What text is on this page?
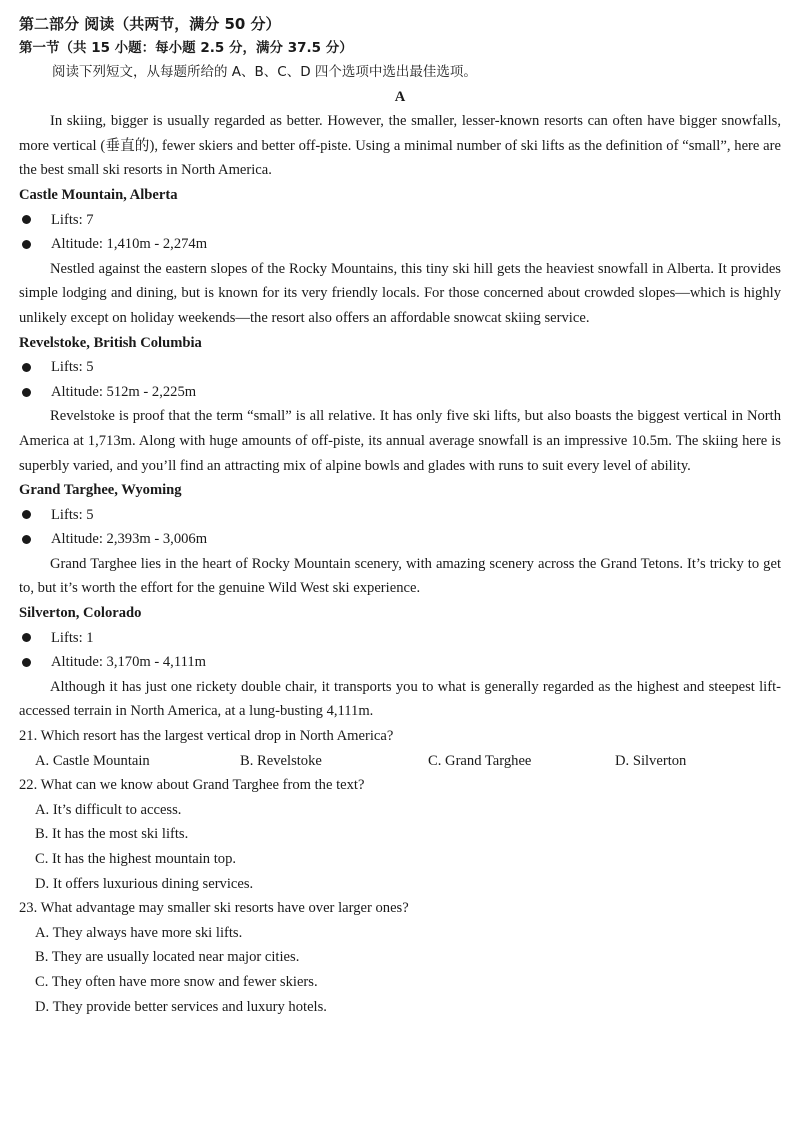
第二部分 阅读（共两节，满分 50 分）
第一节（共 15 小题：每小题 2.5 分，满分 37.5 分）
阅读下列短文，从每题所给的 A、B、C、D 四个选项中选出最佳选项。
A
In skiing, bigger is usually regarded as better. However, the smaller, lesser-known resorts can often have bigger snowfalls, more vertical (垂直的), fewer skiers and better off-piste. Using a minimal number of ski lifts as the definition of “small”, here are the best small ski resorts in North America.
Castle Mountain, Alberta
Lifts: 7
Altitude: 1,410m - 2,274m
Nestled against the eastern slopes of the Rocky Mountains, this tiny ski hill gets the heaviest snowfall in Alberta. It provides simple lodging and dining, but is known for its very friendly locals. For those concerned about crowded slopes—which is highly unlikely except on holiday weekends—the resort also offers an affordable snowcat skiing service.
Revelstoke, British Columbia
Lifts: 5
Altitude: 512m - 2,225m
Revelstoke is proof that the term “small” is all relative. It has only five ski lifts, but also boasts the biggest vertical in North America at 1,713m. Along with huge amounts of off-piste, its annual average snowfall is an impressive 10.5m. The skiing here is superbly varied, and you’ll find an attracting mix of alpine bowls and glades with runs to suit every level of ability.
Grand Targhee, Wyoming
Lifts: 5
Altitude: 2,393m - 3,006m
Grand Targhee lies in the heart of Rocky Mountain scenery, with amazing scenery across the Grand Tetons. It’s tricky to get to, but it’s worth the effort for the genuine Wild West ski experience.
Silverton, Colorado
Lifts: 1
Altitude: 3,170m - 4,111m
Although it has just one rickety double chair, it transports you to what is generally regarded as the highest and steepest lift-accessed terrain in North America, at a lung-busting 4,111m.
21. Which resort has the largest vertical drop in North America?
A. Castle Mountain	B. Revelstoke	C. Grand Targhee	D. Silverton
22. What can we know about Grand Targhee from the text?
A. It’s difficult to access.
B. It has the most ski lifts.
C. It has the highest mountain top.
D. It offers luxurious dining services.
23. What advantage may smaller ski resorts have over larger ones?
A. They always have more ski lifts.
B. They are usually located near major cities.
C. They often have more snow and fewer skiers.
D. They provide better services and luxury hotels.
